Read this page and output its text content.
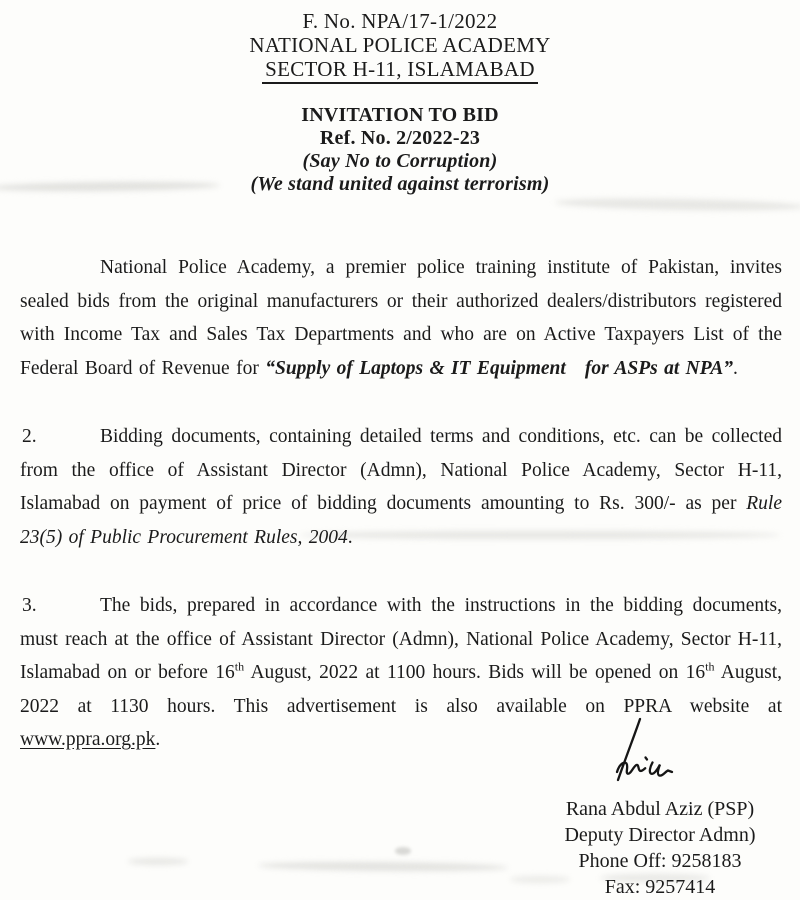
F. No. NPA/17-1/2022
NATIONAL POLICE ACADEMY
SECTOR H-11, ISLAMABAD
INVITATION TO BID
Ref. No. 2/2022-23
(Say No to Corruption)
(We stand united against terrorism)

National Police Academy, a premier police training institute of Pakistan, invites sealed bids from the original manufacturers or their authorized dealers/distributors registered with Income Tax and Sales Tax Departments and who are on Active Taxpayers List of the Federal Board of Revenue for “Supply of Laptops & IT Equipment   for ASPs at NPA”.

2.	Bidding documents, containing detailed terms and conditions, etc. can be collected from the office of Assistant Director (Admn), National Police Academy, Sector H-11, Islamabad on payment of price of bidding documents amounting to Rs. 300/- as per Rule 23(5) of Public Procurement Rules, 2004.

3.	The bids, prepared in accordance with the instructions in the bidding documents, must reach at the office of Assistant Director (Admn), National Police Academy, Sector H-11, Islamabad on or before 16th August, 2022 at 1100 hours. Bids will be opened on 16th August, 2022 at 1130 hours. This advertisement is also available on PPRA website at www.ppra.org.pk.

Rana Abdul Aziz (PSP)
Deputy Director Admn)
Phone Off: 9258183
Fax: 9257414
